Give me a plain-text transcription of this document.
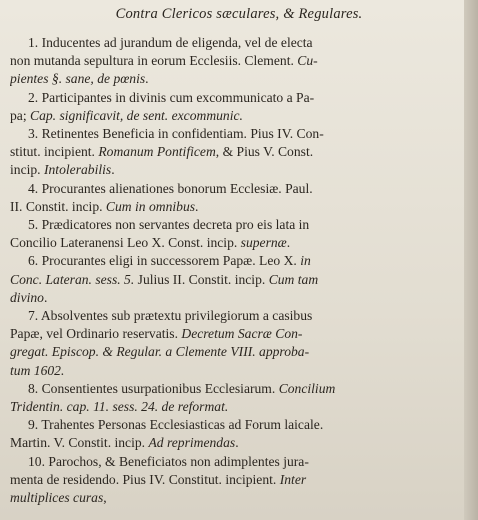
Contra Clericos sæculares, & Regulares.
1. Inducentes ad jurandum de eligenda, vel de electa
non mutanda sepultura in eorum Ecclesiis. Clement. Cu-
pientes §. sane, de pœnis.
2. Participantes in divinis cum excommunicato a Pa-
pa; Cap. significavit, de sent. excommunic.
3. Retinentes Beneficia in confidentiam. Pius IV. Con-
stitut. incipient. Romanum Pontificem, & Pius V. Const.
incip. Intolerabilis.
4. Procurantes alienationes bonorum Ecclesiæ. Paul.
II. Constit. incip. Cum in omnibus.
5. Prædicatores non servantes decreta pro eis lata in
Concilio Lateranensi Leo X. Const. incip. supernæ.
6. Procurantes eligi in successorem Papæ. Leo X. in
Conc. Lateran. sess. 5. Julius II. Constit. incip. Cum tam
divino.
7. Absolventes sub prætextu privilegiorum a casibus
Papæ, vel Ordinario reservatis. Decretum Sacræ Con-
gregat. Episcop. & Regular. a Clemente VIII. approba-
tum 1602.
8. Consentientes usurpationibus Ecclesiarum. Concilium
Tridentin. cap. 11. sess. 24. de reformat.
9. Trahentes Personas Ecclesiasticas ad Forum laicale.
Martin. V. Constit. incip. Ad reprimendas.
10. Parochos, & Beneficiatos non adimplentes jura-
menta de residendo. Pius IV. Constitut. incipient. Inter
multiplices curas,
